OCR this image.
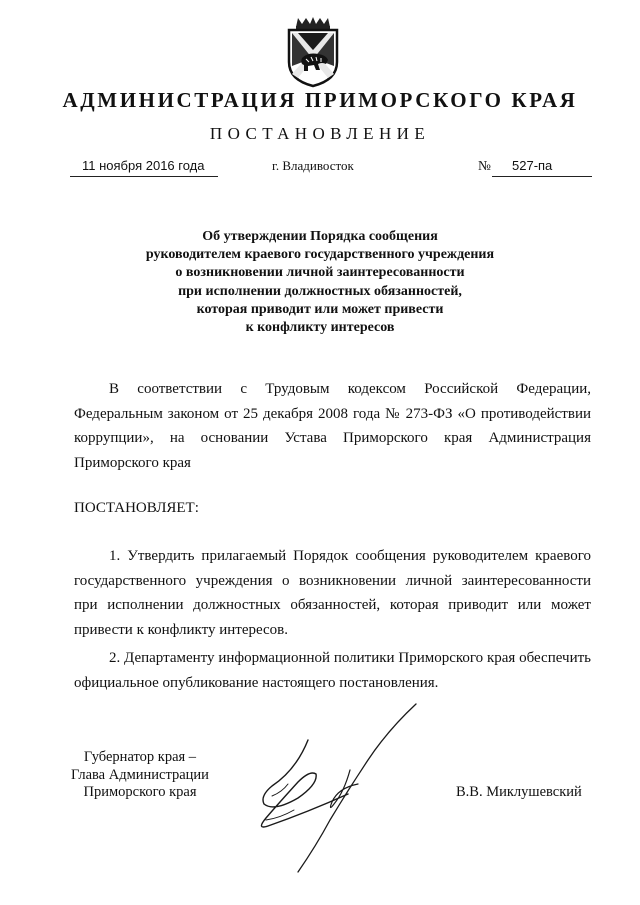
АДМИНИСТРАЦИЯ ПРИМОРСКОГО КРАЯ
ПОСТАНОВЛЕНИЕ
11 ноября 2016 года	г. Владивосток	№	527-па
Об утверждении Порядка сообщения
руководителем краевого государственного учреждения
о возникновении личной заинтересованности
при исполнении должностных обязанностей,
которая приводит или может привести
к конфликту интересов
В соответствии с Трудовым кодексом Российской Федерации,
Федеральным законом от 25 декабря 2008 года № 273-ФЗ «О противодействии
коррупции», на основании Устава Приморского края Администрация
Приморского края
ПОСТАНОВЛЯЕТ:
1. Утвердить прилагаемый Порядок сообщения руководителем краевого
государственного учреждения о возникновении личной заинтересованности
при исполнении должностных обязанностей, которая приводит или может
привести к конфликту интересов.
2. Департаменту информационной политики Приморского края обеспечить
официальное опубликование настоящего постановления.
Губернатор края –
Глава Администрации
Приморского края	В.В. Миклушевский
